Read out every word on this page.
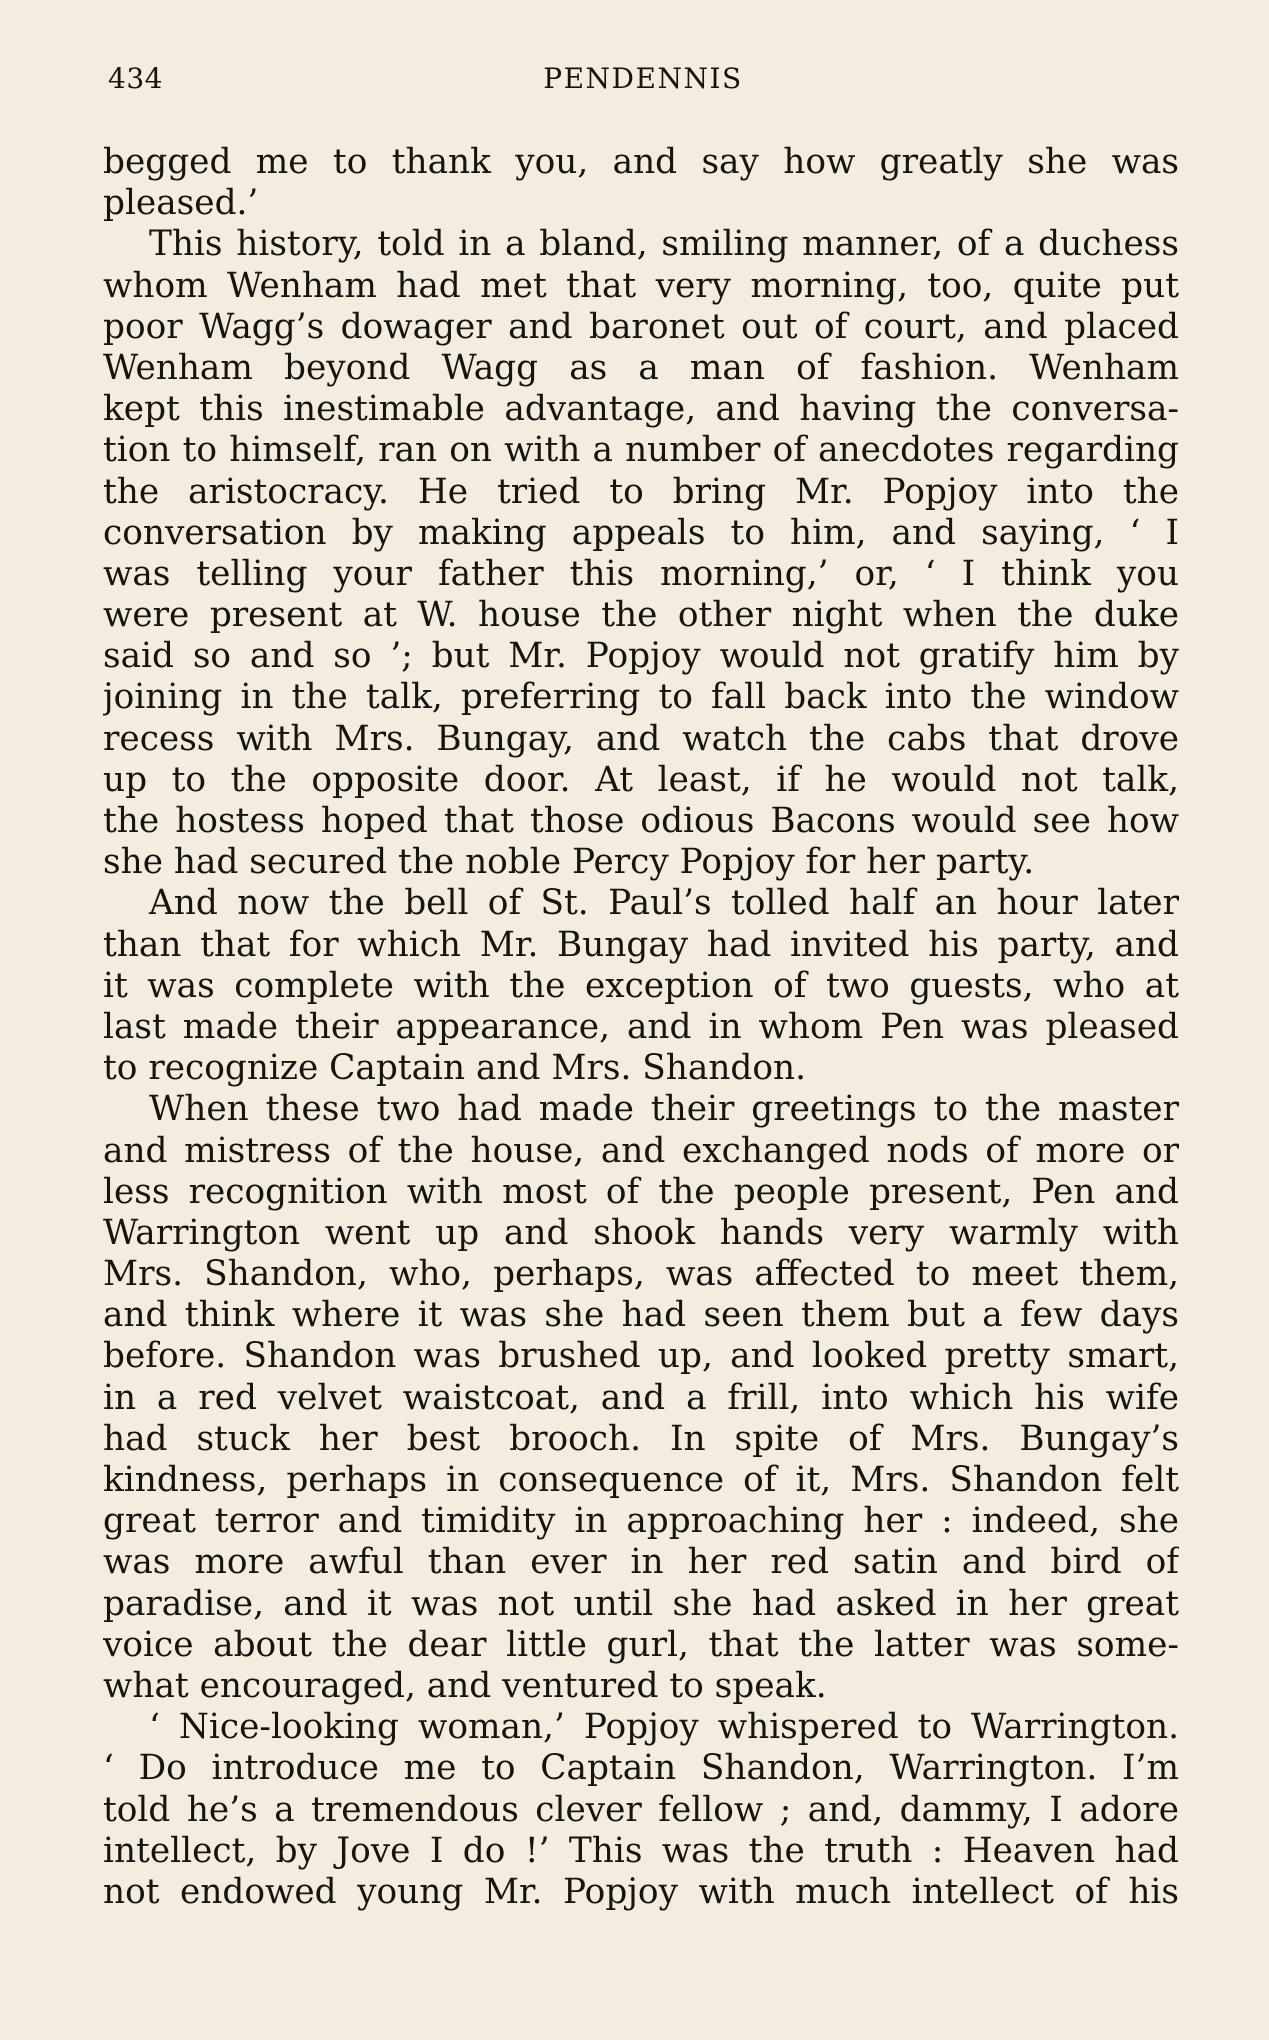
434	PENDENNIS
begged me to thank you, and say how greatly she was
pleased.’
This history, told in a bland, smiling manner, of a duchess
whom Wenham had met that very morning, too, quite put
poor Wagg’s dowager and baronet out of court, and placed
Wenham beyond Wagg as a man of fashion. Wenham
kept this inestimable advantage, and having the conversa-
tion to himself, ran on with a number of anecdotes regarding
the aristocracy. He tried to bring Mr. Popjoy into the
conversation by making appeals to him, and saying, ‘ I
was telling your father this morning,’ or, ‘ I think you
were present at W. house the other night when the duke
said so and so ’; but Mr. Popjoy would not gratify him by
joining in the talk, preferring to fall back into the window
recess with Mrs. Bungay, and watch the cabs that drove
up to the opposite door. At least, if he would not talk,
the hostess hoped that those odious Bacons would see how
she had secured the noble Percy Popjoy for her party.
And now the bell of St. Paul’s tolled half an hour later
than that for which Mr. Bungay had invited his party, and
it was complete with the exception of two guests, who at
last made their appearance, and in whom Pen was pleased
to recognize Captain and Mrs. Shandon.
When these two had made their greetings to the master
and mistress of the house, and exchanged nods of more or
less recognition with most of the people present, Pen and
Warrington went up and shook hands very warmly with
Mrs. Shandon, who, perhaps, was affected to meet them,
and think where it was she had seen them but a few days
before. Shandon was brushed up, and looked pretty smart,
in a red velvet waistcoat, and a frill, into which his wife
had stuck her best brooch. In spite of Mrs. Bungay’s
kindness, perhaps in consequence of it, Mrs. Shandon felt
great terror and timidity in approaching her : indeed, she
was more awful than ever in her red satin and bird of
paradise, and it was not until she had asked in her great
voice about the dear little gurl, that the latter was some-
what encouraged, and ventured to speak.
‘ Nice-looking woman,’ Popjoy whispered to Warrington.
‘ Do introduce me to Captain Shandon, Warrington. I’m
told he’s a tremendous clever fellow ; and, dammy, I adore
intellect, by Jove I do !’ This was the truth : Heaven had
not endowed young Mr. Popjoy with much intellect of his
